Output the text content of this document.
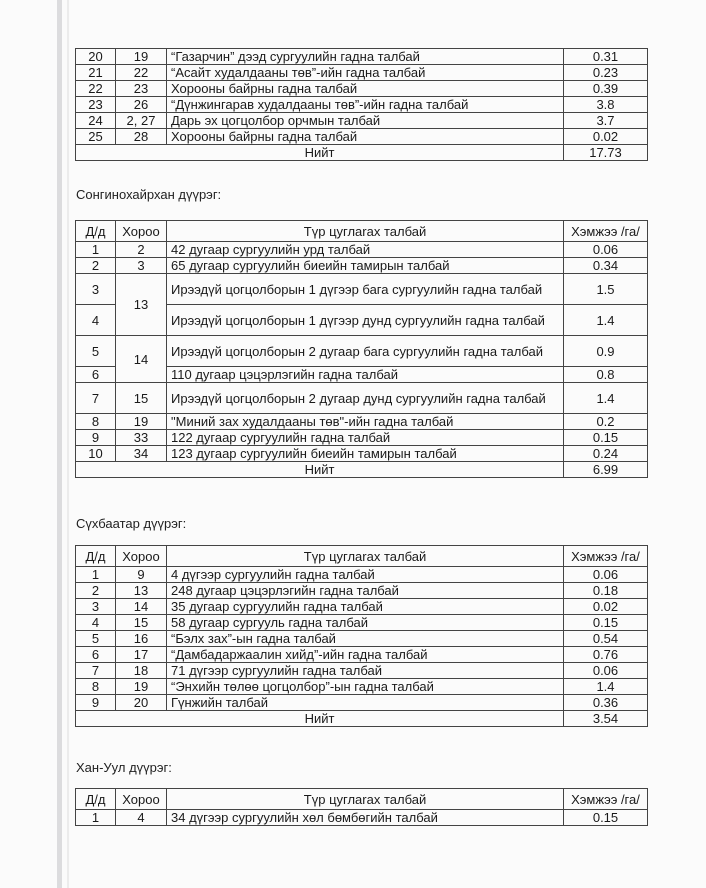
20	19	“Газарчин” дээд сургуулийн гадна талбай	0.31
21	22	“Асайт худалдааны төв”-ийн гадна талбай	0.23
22	23	Хорооны байрны гадна талбай	0.39
23	26	“Дүнжингарав худалдааны төв”-ийн гадна талбай	3.8
24	2, 27	Дарь эх цогцолбор орчмын талбай	3.7
25	28	Хорооны байрны гадна талбай	0.02
Нийт			17.73
Сонгинохайрхан дүүрэг:
Д/д	Хороо	Түр цуглarах талбай	Хэмжээ /га/
1	2	42 дугаар сургуулийн урд талбай	0.06
2	3	65 дугаар сургуулийн биеийн тамирын талбай	0.34
3	13	Ирээдүй цогцолборын 1 дүгээр бага сургуулийн гадна талбай	1.5
4		Ирээдүй цогцолборын 1 дүгээр дунд сургуулийн гадна талбай	1.4
5	14	Ирээдүй цогцолборын 2 дугаар бага сургуулийн гадна талбай	0.9
6		110 дугаар цэцэрлэгийн гадна талбай	0.8
7	15	Ирээдүй цогцолборын 2 дугаар дунд сургуулийн гадна талбай	1.4
8	19	"Миний зах худалдааны төв"-ийн гадна талбай	0.2
9	33	122 дугаар сургуулийн гадна талбай	0.15
10	34	123 дугаар сургуулийн биеийн тамирын талбай	0.24
Нийт			6.99
Сүхбаатар дүүрэг:
Д/д	Хороо	Түр цуглarах талбай	Хэмжээ /га/
1	9	4 дүгээр сургуулийн гадна талбай	0.06
2	13	248 дугаар цэцэрлэгийн гадна талбай	0.18
3	14	35 дугаар сургуулийн гадна талбай	0.02
4	15	58 дугаар сургууль гадна талбай	0.15
5	16	“Бэлх зах”-ын гадна талбай	0.54
6	17	“Дамбадаржаалин хийд”-ийн гадна талбай	0.76
7	18	71 дүгээр сургуулийн гадна талбай	0.06
8	19	“Энхийн төлөө цогцолбор”-ын гадна талбай	1.4
9	20	Гүнжийн талбай	0.36
Нийт			3.54
Хан-Уул дүүрэг:
Д/д	Хороо	Түр цуглarах талбай	Хэмжээ /га/
1	4	34 дүгээр сургуулийн хөл бөмбөгийн талбай	0.15
